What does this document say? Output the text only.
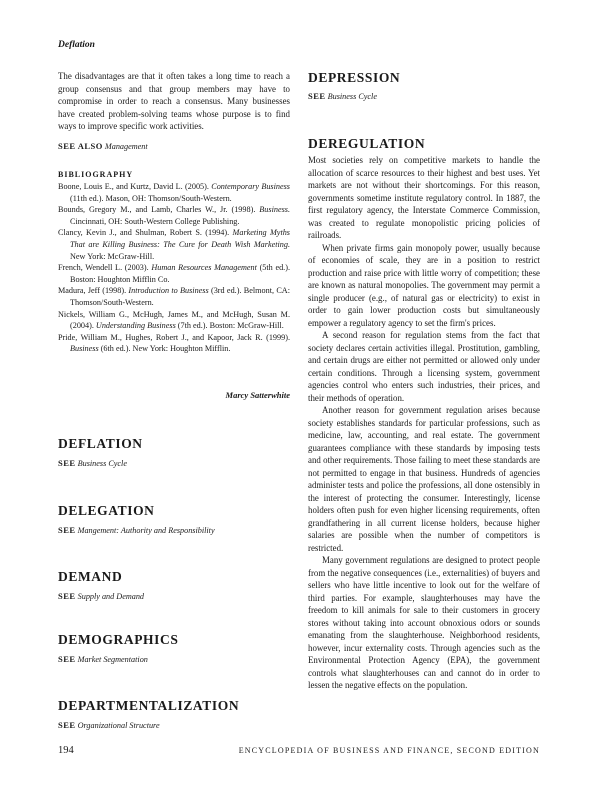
Deflation

The disadvantages are that it often takes a long time to reach a group consensus and that group members may have to compromise in order to reach a consensus. Many businesses have created problem-solving teams whose purpose is to find ways to improve specific work activities.

SEE ALSO Management

BIBLIOGRAPHY

Boone, Louis E., and Kurtz, David L. (2005). Contemporary Business (11th ed.). Mason, OH: Thomson/South-Western.

Bounds, Gregory M., and Lamb, Charles W., Jr. (1998). Business. Cincinnati, OH: South-Western College Publishing.

Clancy, Kevin J., and Shulman, Robert S. (1994). Marketing Myths That are Killing Business: The Cure for Death Wish Marketing. New York: McGraw-Hill.

French, Wendell L. (2003). Human Resources Management (5th ed.). Boston: Houghton Mifflin Co.

Madura, Jeff (1998). Introduction to Business (3rd ed.). Belmont, CA: Thomson/South-Western.

Nickels, William G., McHugh, James M., and McHugh, Susan M. (2004). Understanding Business (7th ed.). Boston: McGraw-Hill.

Pride, William M., Hughes, Robert J., and Kapoor, Jack R. (1999). Business (6th ed.). New York: Houghton Mifflin.

Marcy Satterwhite
DEFLATION

SEE Business Cycle

DELEGATION

SEE Mangement: Authority and Responsibility

DEMAND

SEE Supply and Demand

DEMOGRAPHICS

SEE Market Segmentation

DEPARTMENTALIZATION

SEE Organizational Structure

DEPRESSION

SEE Business Cycle

DEREGULATION

Most societies rely on competitive markets to handle the allocation of scarce resources to their highest and best uses. Yet markets are not without their shortcomings. For this reason, governments sometime institute regulatory control. In 1887, the first regulatory agency, the Interstate Commerce Commission, was created to regulate monopolistic pricing policies of railroads.

When private firms gain monopoly power, usually because of economies of scale, they are in a position to restrict production and raise price with little worry of competition; these are known as natural monopolies. The government may permit a single producer (e.g., of natural gas or electricity) to exist in order to gain lower production costs but simultaneously empower a regulatory agency to set the firm's prices.

A second reason for regulation stems from the fact that society declares certain activities illegal. Prostitution, gambling, and certain drugs are either not permitted or allowed only under certain conditions. Through a licensing system, government agencies control who enters such industries, their prices, and their methods of operation.

Another reason for government regulation arises because society establishes standards for particular professions, such as medicine, law, accounting, and real estate. The government guarantees compliance with these standards by imposing tests and other requirements. Those failing to meet these standards are not permitted to engage in that business. Hundreds of agencies administer tests and police the professions, all done ostensibly in the interest of protecting the consumer. Interestingly, license holders often push for even higher licensing requirements, often grandfathering in all current license holders, because higher salaries are possible when the number of competitors is restricted.

Many government regulations are designed to protect people from the negative consequences (i.e., externalities) of buyers and sellers who have little incentive to look out for the welfare of third parties. For example, slaughterhouses may have the freedom to kill animals for sale to their customers in grocery stores without taking into account obnoxious odors or sounds emanating from the slaughterhouse. Neighborhood residents, however, incur externality costs. Through agencies such as the Environmental Protection Agency (EPA), the government controls what slaughterhouses can and cannot do in order to lessen the negative effects on the population.

194	ENCYCLOPEDIA OF BUSINESS AND FINANCE, SECOND EDITION
